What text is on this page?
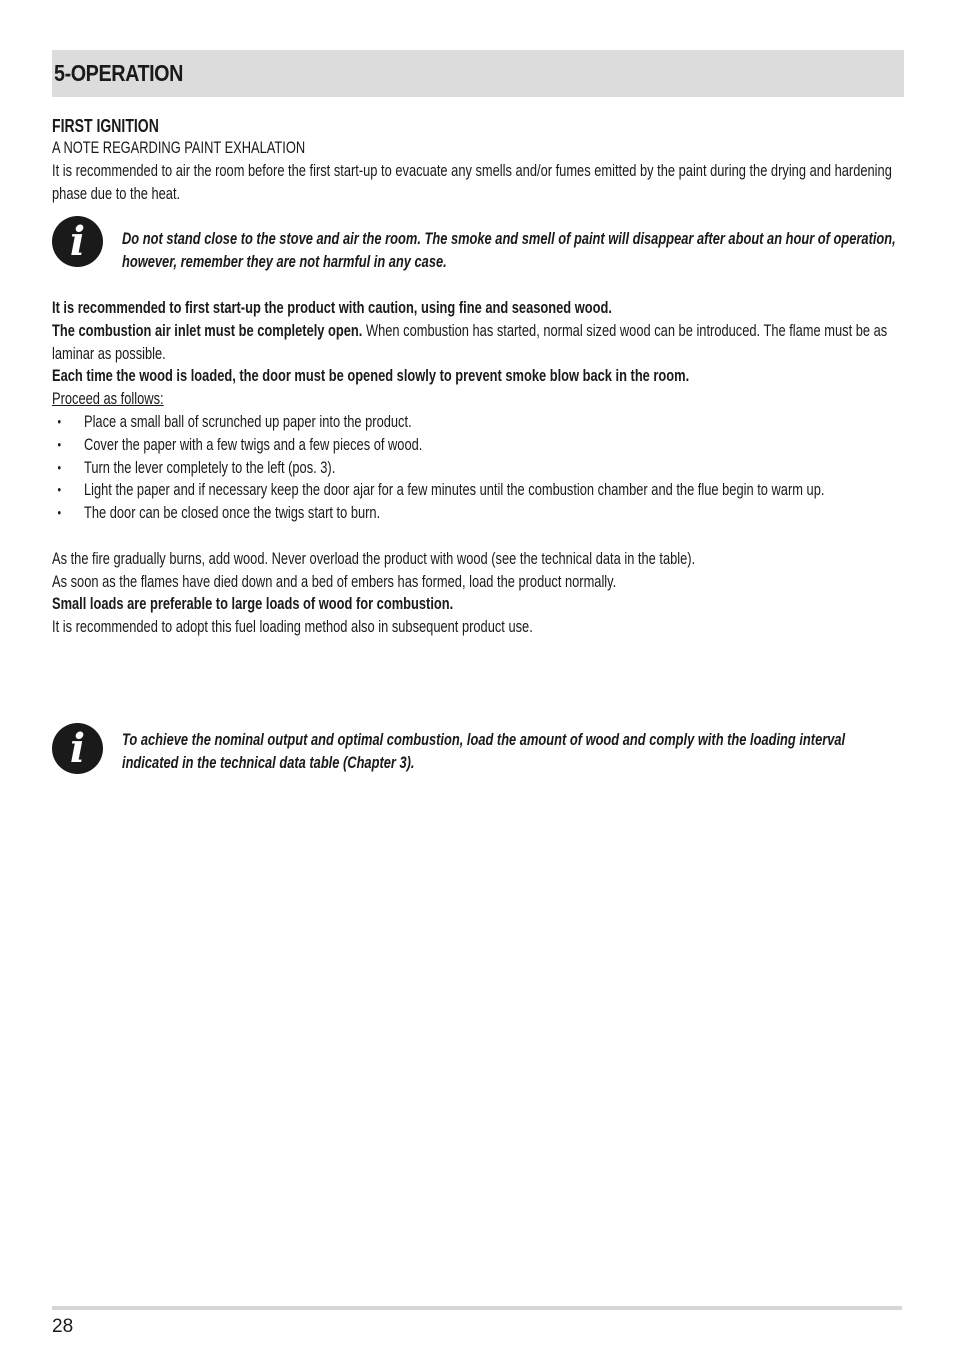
5-OPERATION
FIRST IGNITION

A NOTE REGARDING PAINT EXHALATION

It is recommended to air the room before the first start-up to evacuate any smells and/or fumes emitted by the paint during the drying and hardening phase due to the heat.

i	Do not stand close to the stove and air the room. The smoke and smell of paint will disappear after about an hour of operation, however, remember they are not harmful in any case.

It is recommended to first start-up the product with caution, using fine and seasoned wood.

The combustion air inlet must be completely open. When combustion has started, normal sized wood can be introduced. The flame must be as laminar as possible.

Each time the wood is loaded, the door must be opened slowly to prevent smoke blow back in the room.

Proceed as follows:

• Place a small ball of scrunched up paper into the product.
• Cover the paper with a few twigs and a few pieces of wood.
• Turn the lever completely to the left (pos. 3).
• Light the paper and if necessary keep the door ajar for a few minutes until the combustion chamber and the flue begin to warm up.
• The door can be closed once the twigs start to burn.

As the fire gradually burns, add wood. Never overload the product with wood (see the technical data in the table).

As soon as the flames have died down and a bed of embers has formed, load the product normally.

Small loads are preferable to large loads of wood for combustion.

It is recommended to adopt this fuel loading method also in subsequent product use.

i	To achieve the nominal output and optimal combustion, load the amount of wood and comply with the loading interval indicated in the technical data table (Chapter 3).

28
